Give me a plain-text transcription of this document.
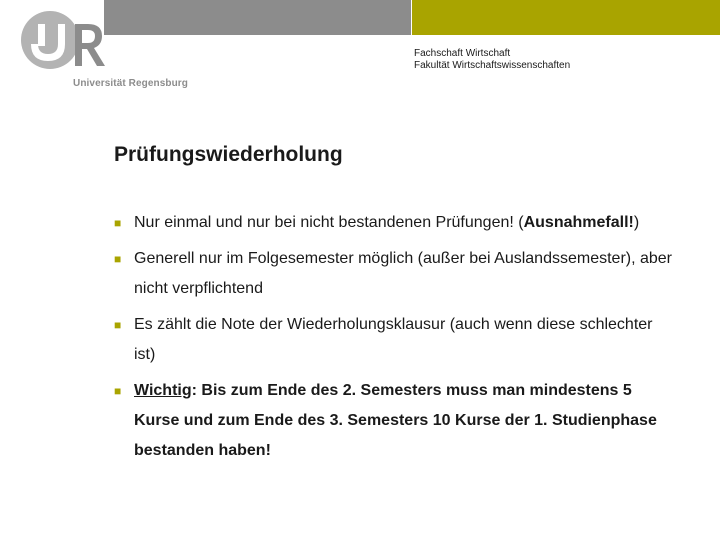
Universität Regensburg
Fachschaft Wirtschaft
Fakultät Wirtschaftswissenschaften
Prüfungswiederholung
■ Nur einmal und nur bei nicht bestandenen Prüfungen! (Ausnahmefall!)
■ Generell nur im Folgesemester möglich (außer bei Auslandssemester), aber nicht verpflichtend
■ Es zählt die Note der Wiederholungsklausur (auch wenn diese schlechter ist)
■ Wichtig: Bis zum Ende des 2. Semesters muss man mindestens 5 Kurse und zum Ende des 3. Semesters 10 Kurse der 1. Studienphase bestanden haben!
